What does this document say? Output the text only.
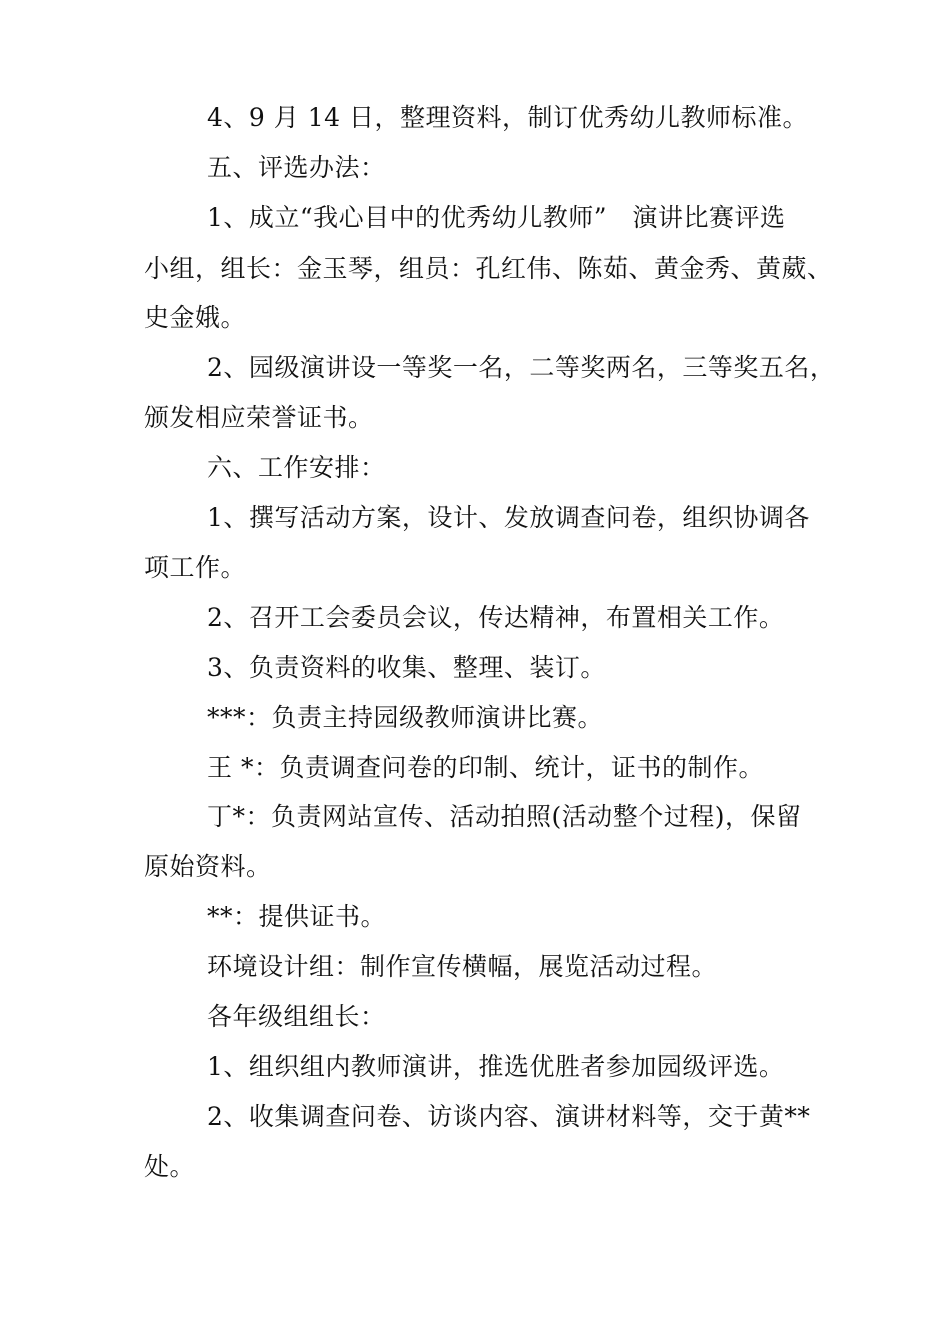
4、9 月 14 日，整理资料，制订优秀幼儿教师标准。
五、评选办法：
1、成立“我心目中的优秀幼儿教师”　演讲比赛评选
小组，组长：金玉琴，组员：孔红伟、陈茹、黄金秀、黄葳、
史金娥。
2、园级演讲设一等奖一名，二等奖两名，三等奖五名，
颁发相应荣誉证书。
六、工作安排：
1、撰写活动方案，设计、发放调查问卷，组织协调各
项工作。
2、召开工会委员会议，传达精神，布置相关工作。
3、负责资料的收集、整理、装订。
***：负责主持园级教师演讲比赛。
王 *：负责调查问卷的印制、统计，证书的制作。
丁*：负责网站宣传、活动拍照(活动整个过程)，保留
原始资料。
**：提供证书。
环境设计组：制作宣传横幅，展览活动过程。
各年级组组长：
1、组织组内教师演讲，推选优胜者参加园级评选。
2、收集调查问卷、访谈内容、演讲材料等，交于黄**
处。
